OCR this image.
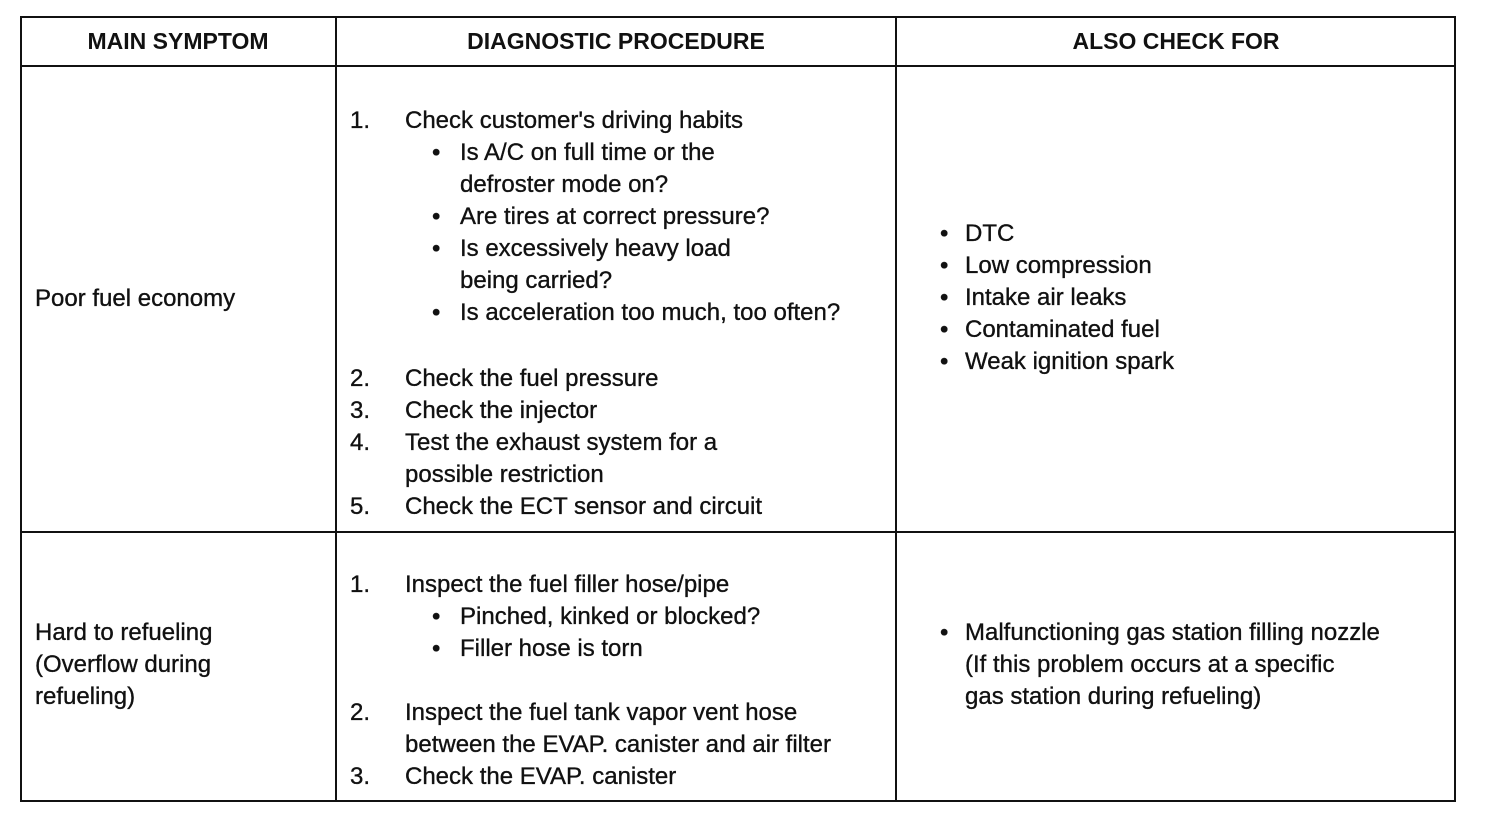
MAIN SYMPTOM	DIAGNOSTIC PROCEDURE	ALSO CHECK FOR
Poor fuel economy
1. Check customer's driving habits
• Is A/C on full time or the
defroster mode on?
• Are tires at correct pressure?
• Is excessively heavy load
being carried?
• Is acceleration too much, too often?
2. Check the fuel pressure
3. Check the injector
4. Test the exhaust system for a
possible restriction
5. Check the ECT sensor and circuit
• DTC
• Low compression
• Intake air leaks
• Contaminated fuel
• Weak ignition spark
Hard to refueling
(Overflow during
refueling)
1. Inspect the fuel filler hose/pipe
• Pinched, kinked or blocked?
• Filler hose is torn
2. Inspect the fuel tank vapor vent hose
between the EVAP. canister and air filter
3. Check the EVAP. canister
• Malfunctioning gas station filling nozzle
(If this problem occurs at a specific
gas station during refueling)
